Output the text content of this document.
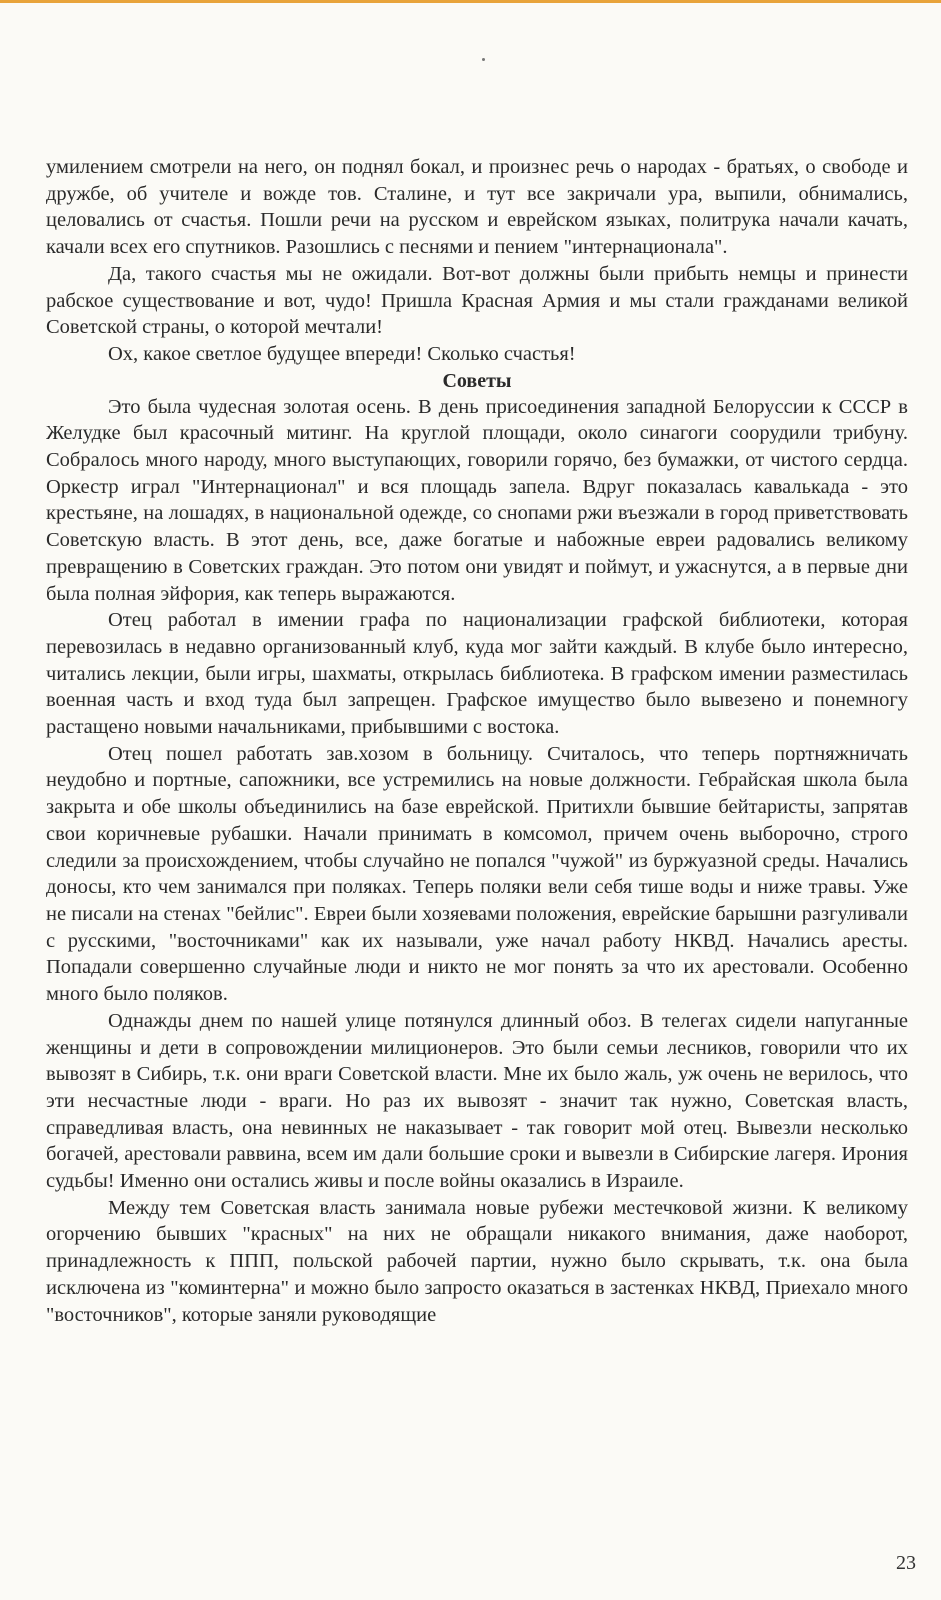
умилением смотрели на него, он поднял бокал, и произнес речь о народах - братьях, о свободе и дружбе, об учителе и вожде тов. Сталине, и тут все закричали ура, выпили, обнимались, целовались от счастья. Пошли речи на русском и еврейском языках, политрука начали качать, качали всех его спутников. Разошлись с песнями и пением "интернационала".

Да, такого счастья мы не ожидали. Вот-вот должны были прибыть немцы и принести рабское существование и вот, чудо! Пришла Красная Армия и мы стали гражданами великой Советской страны, о которой мечтали!

Ох, какое светлое будущее впереди! Сколько счастья!

Советы

Это была чудесная золотая осень. В день присоединения западной Белоруссии к СССР в Желудке был красочный митинг. На круглой площади, около синагоги соорудили трибуну. Собралось много народу, много выступающих, говорили горячо, без бумажки, от чистого сердца. Оркестр играл "Интернационал" и вся площадь запела. Вдруг показалась кавалькада - это крестьяне, на лошадях, в национальной одежде, со снопами ржи въезжали в город приветствовать Советскую власть. В этот день, все, даже богатые и набожные евреи радовались великому превращению в Советских граждан. Это потом они увидят и поймут, и ужаснутся, а в первые дни была полная эйфория, как теперь выражаются.

Отец работал в имении графа по национализации графской библиотеки, которая перевозилась в недавно организованный клуб, куда мог зайти каждый. В клубе было интересно, читались лекции, были игры, шахматы, открылась библиотека. В графском имении разместилась военная часть и вход туда был запрещен. Графское имущество было вывезено и понемногу растащено новыми начальниками, прибывшими с востока.

Отец пошел работать зав.хозом в больницу. Считалось, что теперь портняжничать неудобно и портные, сапожники, все устремились на новые должности. Гебрайская школа была закрыта и обе школы объединились на базе еврейской. Притихли бывшие бейтаристы, запрятав свои коричневые рубашки. Начали принимать в комсомол, причем очень выборочно, строго следили за происхождением, чтобы случайно не попался "чужой" из буржуазной среды. Начались доносы, кто чем занимался при поляках. Теперь поляки вели себя тише воды и ниже травы. Уже не писали на стенах "бейлис". Евреи были хозяевами положения, еврейские барышни разгуливали с русскими, "восточниками" как их называли, уже начал работу НКВД. Начались аресты. Попадали совершенно случайные люди и никто не мог понять за что их арестовали. Особенно много было поляков.

Однажды днем по нашей улице потянулся длинный обоз. В телегах сидели напуганные женщины и дети в сопровождении милиционеров. Это были семьи лесников, говорили что их вывозят в Сибирь, т.к. они враги Советской власти. Мне их было жаль, уж очень не верилось, что эти несчастные люди - враги. Но раз их вывозят - значит так нужно, Советская власть, справедливая власть, она невинных не наказывает - так говорит мой отец. Вывезли несколько богачей, арестовали раввина, всем им дали большие сроки и вывезли в Сибирские лагеря. Ирония судьбы! Именно они остались живы и после войны оказались в Израиле.

Между тем Советская власть занимала новые рубежи местечковой жизни. К великому огорчению бывших "красных" на них не обращали никакого внимания, даже наоборот, принадлежность к ППП, польской рабочей партии, нужно было скрывать, т.к. она была исключена из "коминтерна" и можно было запросто оказаться в застенках НКВД, Приехало много "восточников", которые заняли руководящие

23
